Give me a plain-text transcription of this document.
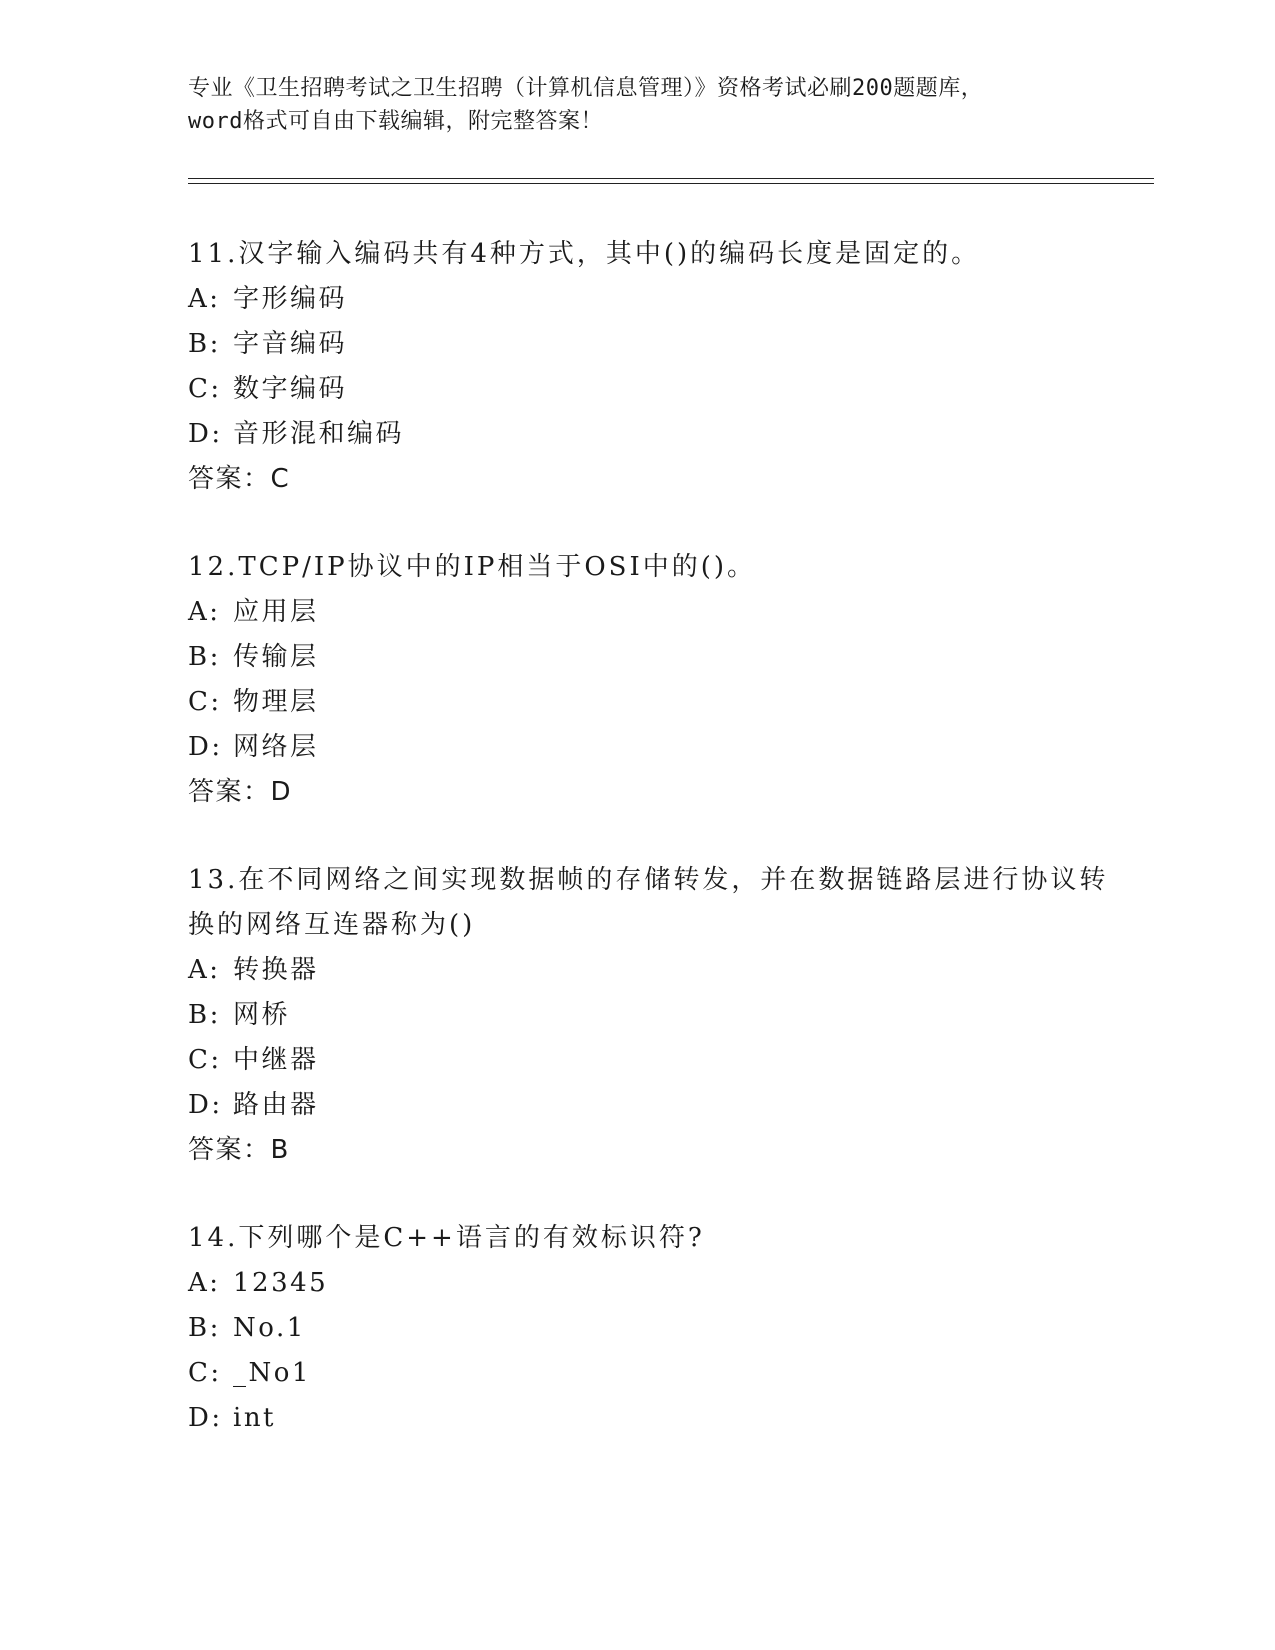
专业《卫生招聘考试之卫生招聘（计算机信息管理）》资格考试必刷200题题库，
word格式可自由下载编辑，附完整答案！

11.汉字输入编码共有4种方式，其中()的编码长度是固定的。

A: 字形编码
B: 字音编码
C: 数字编码
D: 音形混和编码
答案：C

12.TCP/IP协议中的IP相当于OSI中的()。

A: 应用层
B: 传输层
C: 物理层
D: 网络层
答案：D

13.在不同网络之间实现数据帧的存储转发，并在数据链路层进行协议转换的网络互连器称为()

A: 转换器
B: 网桥
C: 中继器
D: 路由器
答案：B

14.下列哪个是C++语言的有效标识符?

A: 12345
B: No.1
C: _No1
D: int
